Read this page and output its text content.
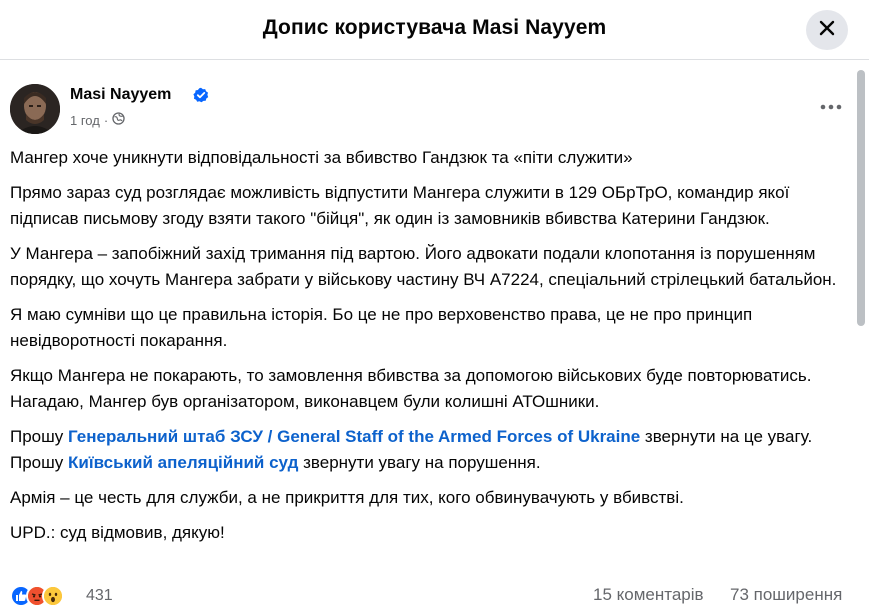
Допис користувача Masi Nayyem
Masi Nayyem
1 год ·

Мангер хоче уникнути відповідальності за вбивство Гандзюк та «піти служити»

Прямо зараз суд розглядає можливість відпустити Мангера служити в 129 ОБрТрО, командир якої підписав письмову згоду взяти такого "бійця", як один із замовників вбивства Катерини Гандзюк.

У Мангера – запобіжний захід тримання під вартою. Його адвокати подали клопотання із порушенням порядку, що хочуть Мангера забрати у військову частину ВЧ А7224, спеціальний стрілецький батальйон.

Я маю сумніви що це правильна історія. Бо це не про верховенство права, це не про принцип невідворотності покарання.

Якщо Мангера не покарають, то замовлення вбивства за допомогою військових буде повторюватись. Нагадаю, Мангер був організатором, виконавцем були колишні АТОшники.

Прошу Генеральний штаб ЗСУ / General Staff of the Armed Forces of Ukraine звернути на це увагу. Прошу Київський апеляційний суд звернути увагу на порушення.

Армія – це честь для служби, а не прикриття для тих, кого обвинувачують у вбивстві.

UPD.: суд відмовив, дякую!

431	15 коментарів 73 поширення
